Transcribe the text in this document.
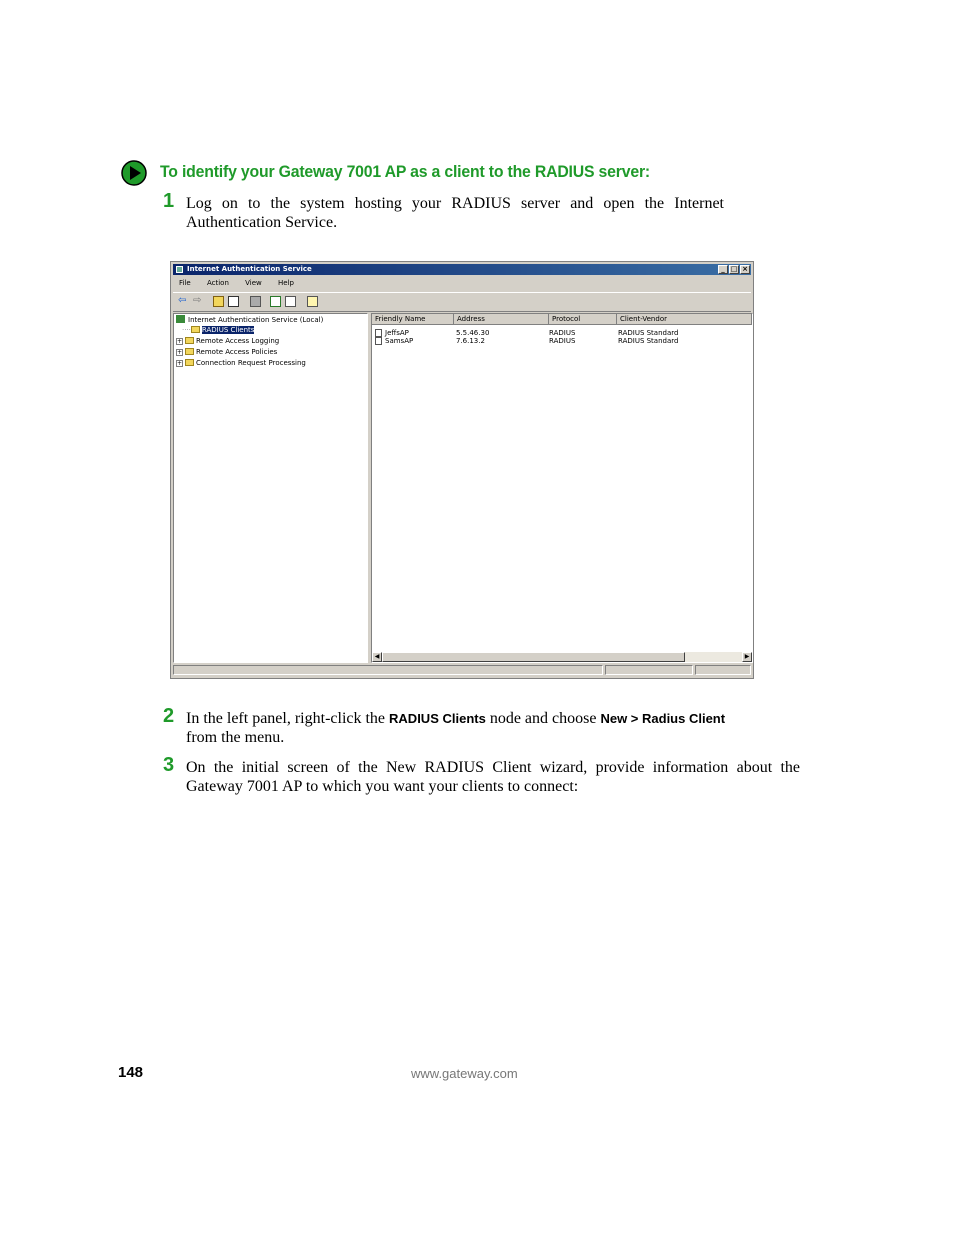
To identify your Gateway 7001 AP as a client to the RADIUS server:
1 Log on to the system hosting your RADIUS server and open the Internet Authentication Service.
Internet Authentication Service	_ □ ×
File Action View Help
⇦ ⇨
Internet Authentication Service (Local)
···· RADIUS Clients
+ Remote Access Logging
+ Remote Access Policies
+ Connection Request Processing
Friendly Name	Address	Protocol	Client-Vendor
JeffsAP	5.5.46.30	RADIUS	RADIUS Standard
SamsAP	7.6.13.2	RADIUS	RADIUS Standard
◀	▶
2 In the left panel, right-click the RADIUS Clients node and choose New > Radius Client
from the menu.
3 On the initial screen of the New RADIUS Client wizard, provide information about the Gateway 7001 AP to which you want your clients to connect:
148	www.gateway.com
